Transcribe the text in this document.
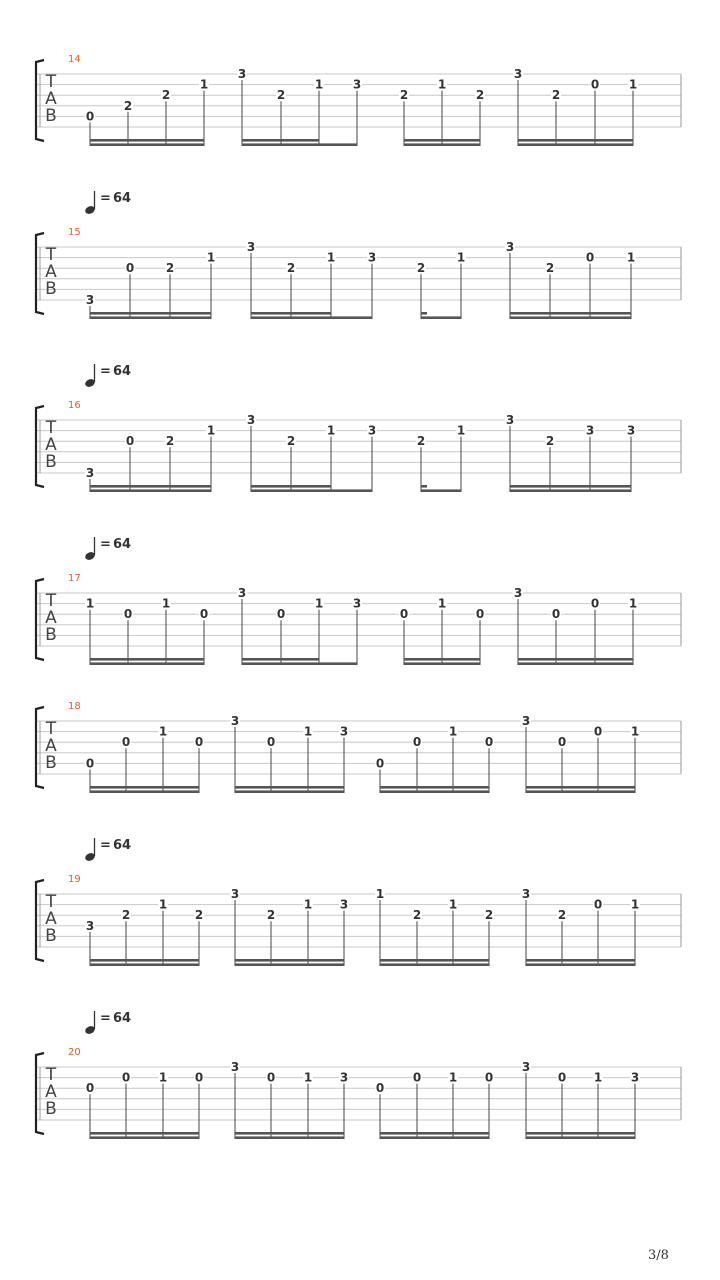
14
T
A
B 0
2
2
1
3
2
1 3
2
1
2
3
2
0 1
= 64
15
T
A
B
3
0	2
1
3
2
1	3
2
1
3
2
0	1
= 64
16
T
A
B
3
0	2
1
3
2
1	3
2
1
3
2
3	3
= 64
17
T
A
B
1
0
1
0
3
0
1 3
0
1
0
3
0
0 1
18
T
A
B 0
0
1
0
3
0
1 3
0
0
1
0
3
0
0 1
= 64
19
T
A
B
3
2
1
2
3
2
1 3
1
2
1
2
3
2
0 1
= 64
20
T
A
B
0
0 1 0
3
0 1 3
0
0 1 0
3
0 1 3
3/8
